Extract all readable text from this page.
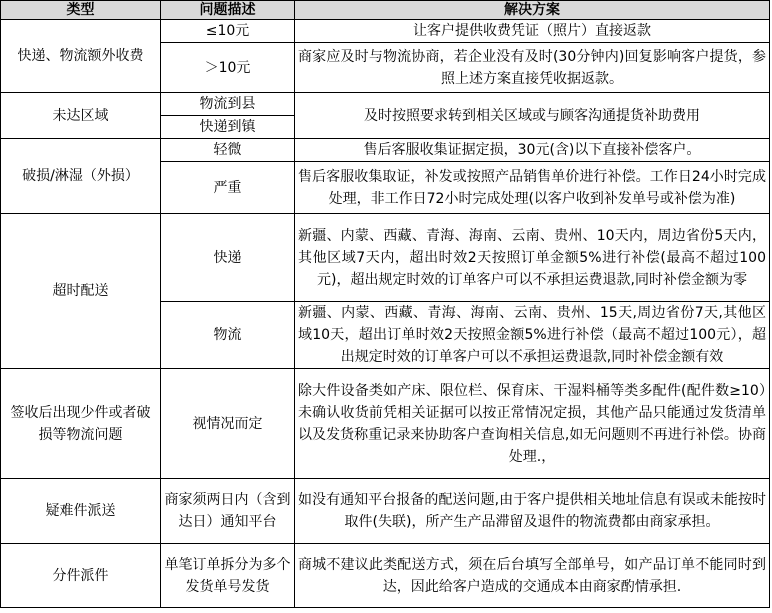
类型	问题描述	解决方案
快递、物流额外收费	≤10元	让客户提供收费凭证（照片）直接返款
	＞10元	商家应及时与物流协商，若企业没有及时(30分钟内)回复影响客户提货，参照上述方案直接凭收据返款。
未达区域	物流到县	及时按照要求转到相关区域或与顾客沟通提货补助费用
	快递到镇	
破损/淋湿（外损）	轻微	售后客服收集证据定损，30元(含)以下直接补偿客户。
	严重	售后客服收集取证，补发或按照产品销售单价进行补偿。工作日24小时完成处理，非工作日72小时完成处理(以客户收到补发单号或补偿为准)
超时配送	快递	新疆、内蒙、西藏、青海、海南、云南、贵州、10天内，周边省份5天内，其他区域7天内，超出时效2天按照订单金额5%进行补偿(最高不超过100元)，超出规定时效的订单客户可以不承担运费退款,同时补偿金额为零
	物流	新疆、内蒙、西藏、青海、海南、云南、贵州、15天,周边省份7天,其他区域10天，超出订单时效2天按照金额5%进行补偿（最高不超过100元），超出规定时效的订单客户可以不承担运费退款,同时补偿金额有效
签收后出现少件或者破损等物流问题	视情况而定	除大件设备类如产床、限位栏、保育床、干湿料桶等类多配件(配件数≥10）未确认收货前凭相关证据可以按正常情况定损，其他产品只能通过发货清单以及发货称重记录来协助客户查询相关信息,如无问题则不再进行补偿。协商处理.，
疑难件派送	商家须两日内（含到达日）通知平台	如没有通知平台报备的配送问题,由于客户提供相关地址信息有误或未能按时取件(失联)，所产生产品滞留及退件的物流费都由商家承担。
分件派件	单笔订单拆分为多个发货单号发货	商城不建议此类配送方式，须在后台填写全部单号，如产品订单不能同时到达，因此给客户造成的交通成本由商家酌情承担.
